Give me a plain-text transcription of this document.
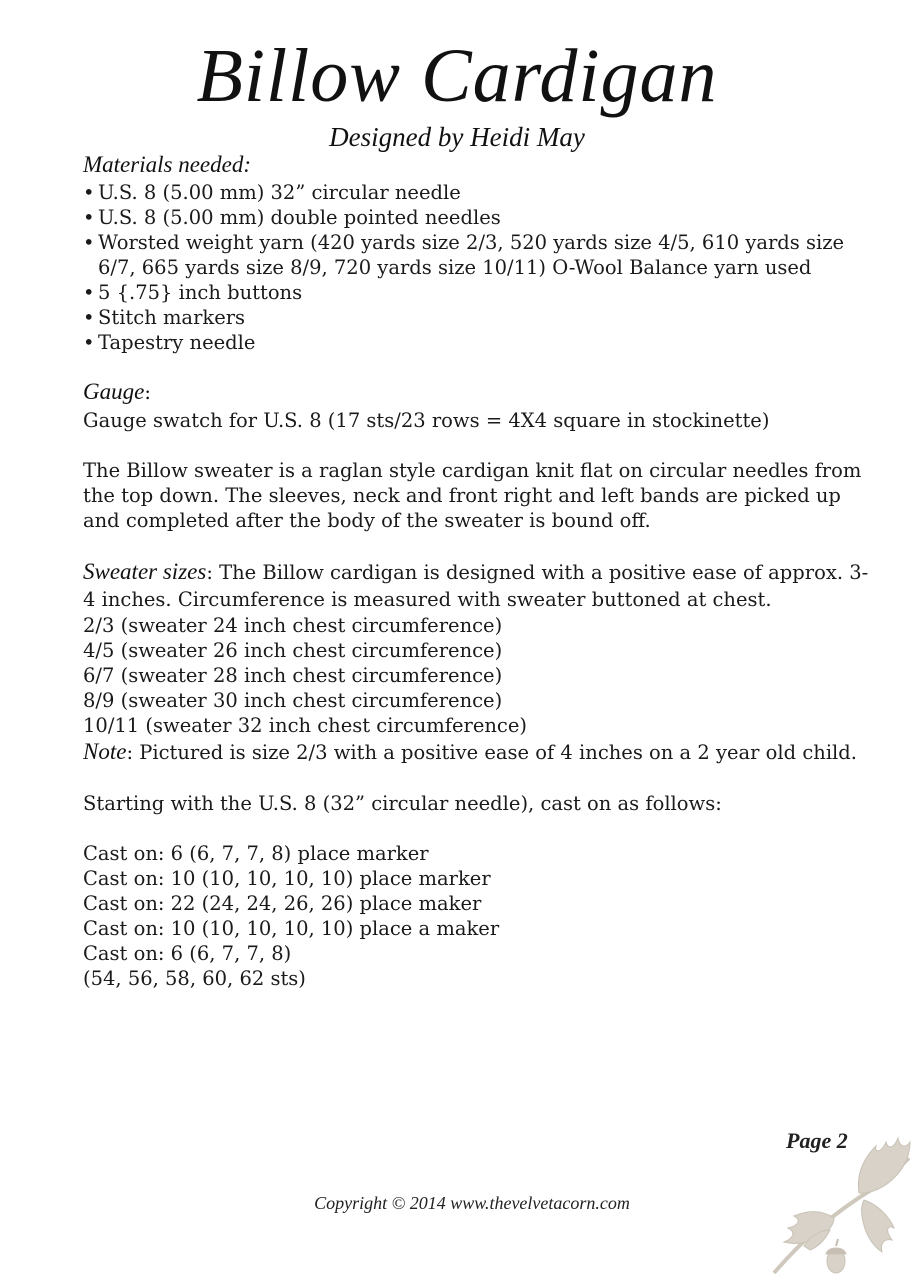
Billow Cardigan
Designed by Heidi May
Materials needed:
• U.S. 8 (5.00 mm) 32” circular needle
• U.S. 8 (5.00 mm) double pointed needles
• Worsted weight yarn (420 yards size 2/3, 520 yards size 4/5, 610 yards size 6/7, 665 yards size 8/9, 720 yards size 10/11) O-Wool Balance yarn used
• 5 {.75} inch buttons
• Stitch markers
• Tapestry needle
Gauge:

Gauge swatch for U.S. 8 (17 sts/23 rows = 4X4 square in stockinette)

The Billow sweater is a raglan style cardigan knit flat on circular needles from the top down. The sleeves, neck and front right and left bands are picked up and completed after the body of the sweater is bound off.

Sweater sizes: The Billow cardigan is designed with a positive ease of approx. 3-4 inches. Circumference is measured with sweater buttoned at chest.

2/3 (sweater 24 inch chest circumference)
4/5 (sweater 26 inch chest circumference)
6/7 (sweater 28 inch chest circumference)
8/9 (sweater 30 inch chest circumference)
10/11 (sweater 32 inch chest circumference)

Note: Pictured is size 2/3 with a positive ease of 4 inches on a 2 year old child.

Starting with the U.S. 8 (32” circular needle), cast on as follows:

Cast on: 6 (6, 7, 7, 8) place marker
Cast on: 10 (10, 10, 10, 10) place marker
Cast on: 22 (24, 24, 26, 26) place maker
Cast on: 10 (10, 10, 10, 10) place a maker
Cast on: 6 (6, 7, 7, 8)
(54, 56, 58, 60, 62 sts)
Page 2
Copyright © 2014 www.thevelvetacorn.com
